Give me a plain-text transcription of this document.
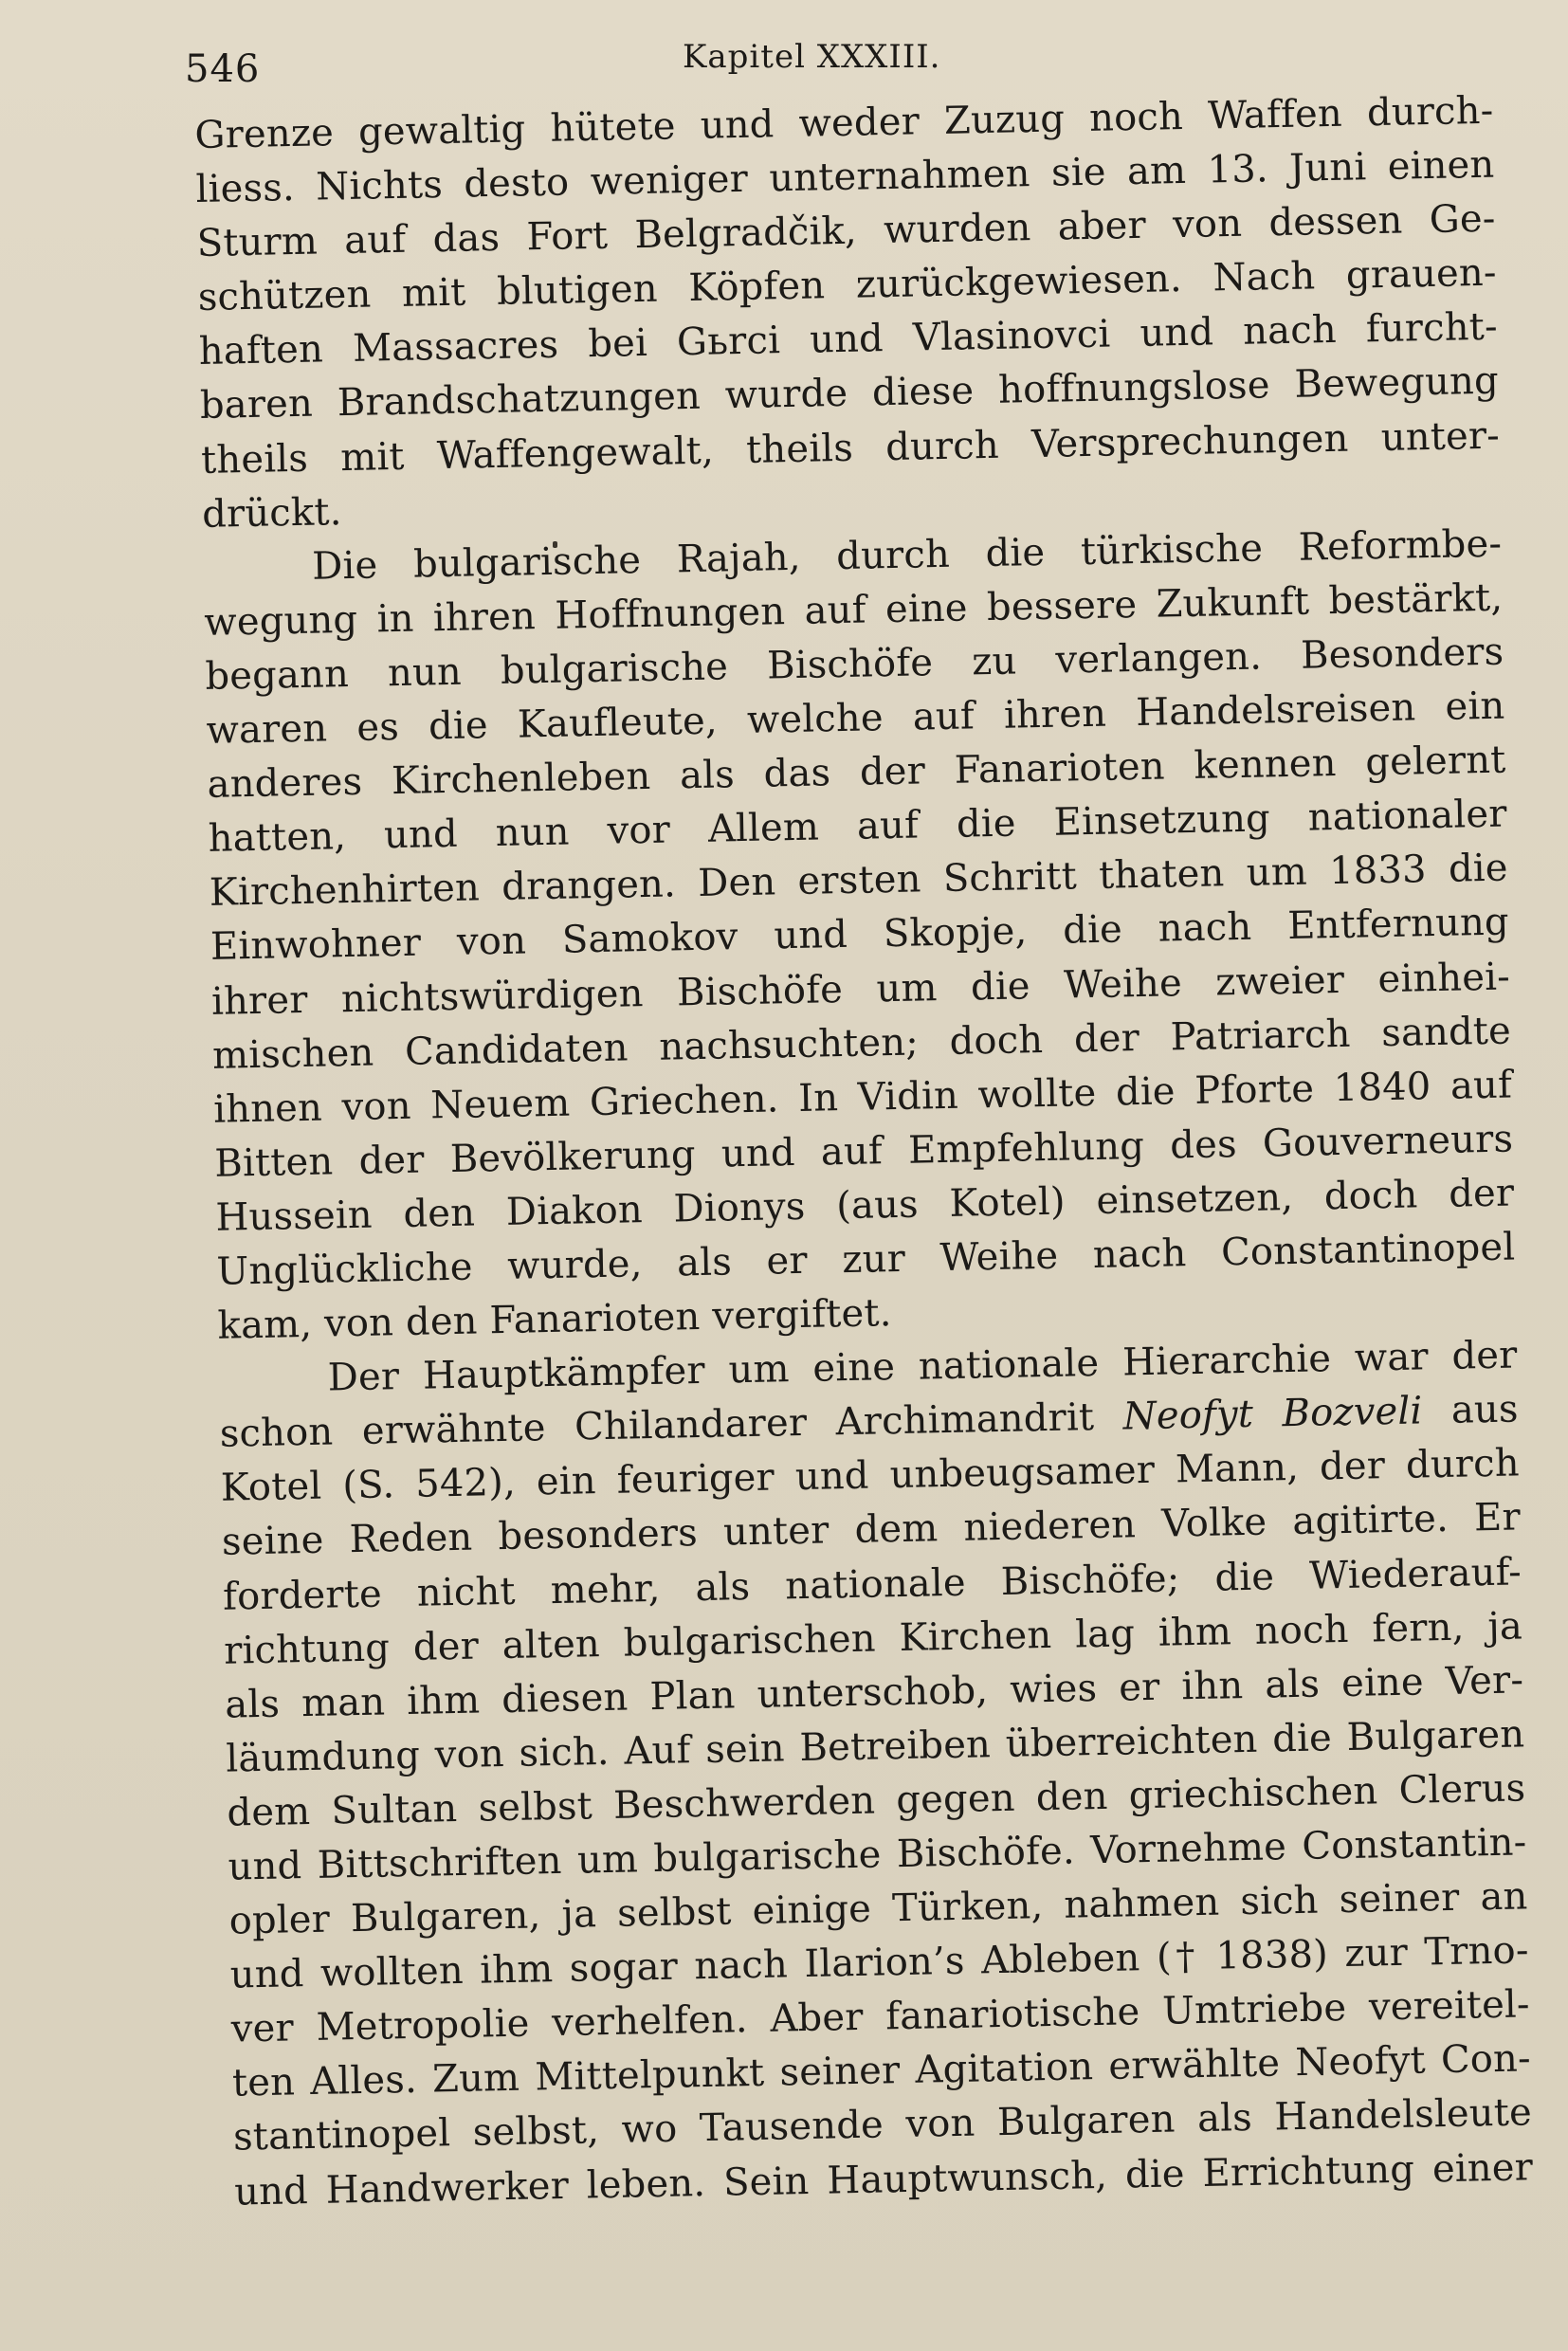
546	Kapitel XXXIII.
Grenze gewaltig hütete und weder Zuzug noch Waffen durch-
liess. Nichts desto weniger unternahmen sie am 13. Juni einen
Sturm auf das Fort Belgradčik, wurden aber von dessen Ge-
schützen mit blutigen Köpfen zurückgewiesen. Nach grauen-
haften Massacres bei Gьrci und Vlasinovci und nach furcht-
baren Brandschatzungen wurde diese hoffnungslose Bewegung
theils mit Waffengewalt, theils durch Versprechungen unter-
drückt.
Die bulgarische Rajah, durch die türkische Reformbe-
wegung in ihren Hoffnungen auf eine bessere Zukunft bestärkt,
begann nun bulgarische Bischöfe zu verlangen. Besonders
waren es die Kaufleute, welche auf ihren Handelsreisen ein
anderes Kirchenleben als das der Fanarioten kennen gelernt
hatten, und nun vor Allem auf die Einsetzung nationaler
Kirchenhirten drangen. Den ersten Schritt thaten um 1833 die
Einwohner von Samokov und Skopje, die nach Entfernung
ihrer nichtswürdigen Bischöfe um die Weihe zweier einhei-
mischen Candidaten nachsuchten; doch der Patriarch sandte
ihnen von Neuem Griechen. In Vidin wollte die Pforte 1840 auf
Bitten der Bevölkerung und auf Empfehlung des Gouverneurs
Hussein den Diakon Dionys (aus Kotel) einsetzen, doch der
Unglückliche wurde, als er zur Weihe nach Constantinopel
kam, von den Fanarioten vergiftet.
Der Hauptkämpfer um eine nationale Hierarchie war der
schon erwähnte Chilandarer Archimandrit Neofyt Bozveli aus
Kotel (S. 542), ein feuriger und unbeugsamer Mann, der durch
seine Reden besonders unter dem niederen Volke agitirte. Er
forderte nicht mehr, als nationale Bischöfe; die Wiederauf-
richtung der alten bulgarischen Kirchen lag ihm noch fern, ja
als man ihm diesen Plan unterschob, wies er ihn als eine Ver-
läumdung von sich. Auf sein Betreiben überreichten die Bulgaren
dem Sultan selbst Beschwerden gegen den griechischen Clerus
und Bittschriften um bulgarische Bischöfe. Vornehme Constantin-
opler Bulgaren, ja selbst einige Türken, nahmen sich seiner an
und wollten ihm sogar nach Ilarion’s Ableben († 1838) zur Trno-
ver Metropolie verhelfen. Aber fanariotische Umtriebe vereitel-
ten Alles. Zum Mittelpunkt seiner Agitation erwählte Neofyt Con-
stantinopel selbst, wo Tausende von Bulgaren als Handelsleute
und Handwerker leben. Sein Hauptwunsch, die Errichtung einer
